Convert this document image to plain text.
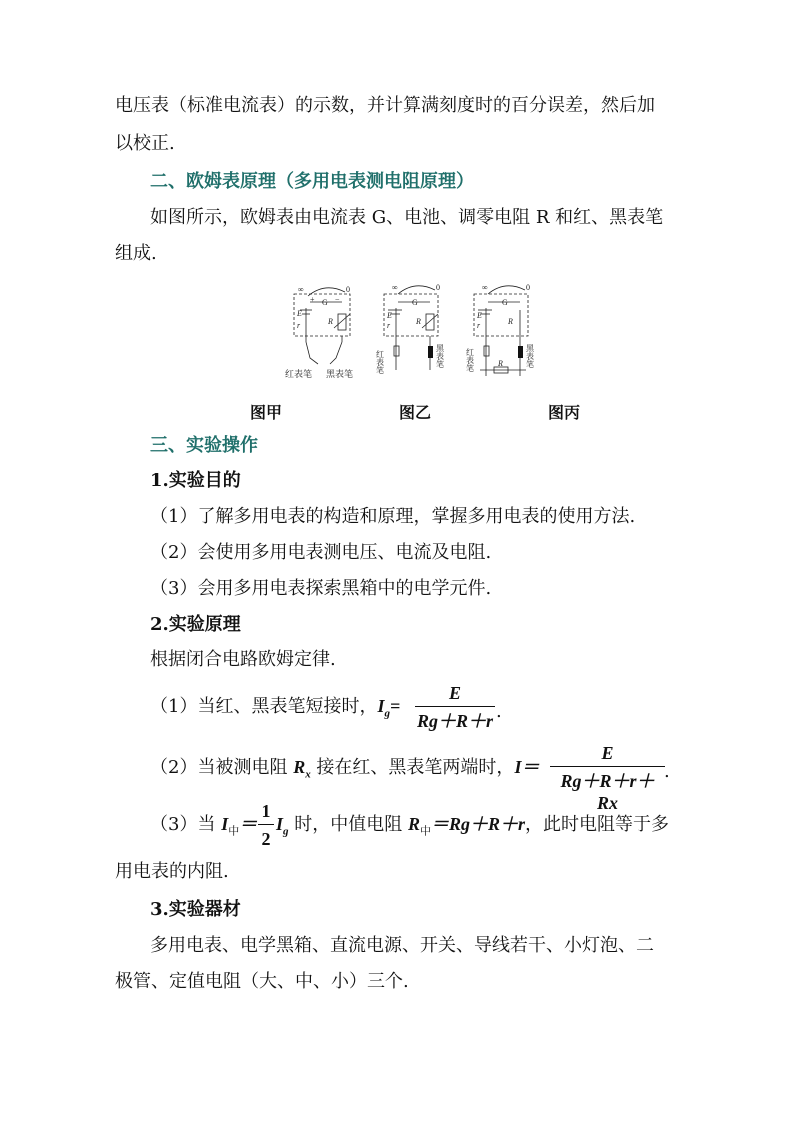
电压表（标准电流表）的示数，并计算满刻度时的百分误差，然后加
以校正.
二、欧姆表原理（多用电表测电阻原理）
如图所示，欧姆表由电流表 G、电池、调零电阻 R 和红、黑表笔
组成.
∞	0
G
+	−
E
r	R
红表笔 黑表笔
∞	0
G
E
r	R
红表笔	黑表笔
∞	0
G
E
r	R
R
红表笔	黑表笔
图甲	图乙	图丙
三、实验操作
1.实验目的
（1）了解多用电表的构造和原理，掌握多用电表的使用方法.
（2）会使用多用电表测电压、电流及电阻.
（3）会用多用电表探索黑箱中的电学元件.
2.实验原理
根据闭合电路欧姆定律.
（1）当红、黑表笔短接时，$I_g=$
E
Rg＋R＋r .
（2）当被测电阻 $R_x$ 接在红、黑表笔两端时，I＝
E
Rg＋R＋r＋Rx
.
（3）当 $I_中=$
1
2
$I_g$ 时，中值电阻 $R_中=Rg+R+r$，此时电阻等于多
用电表的内阻.
3.实验器材
多用电表、电学黑箱、直流电源、开关、导线若干、小灯泡、二
极管、定值电阻（大、中、小）三个.
